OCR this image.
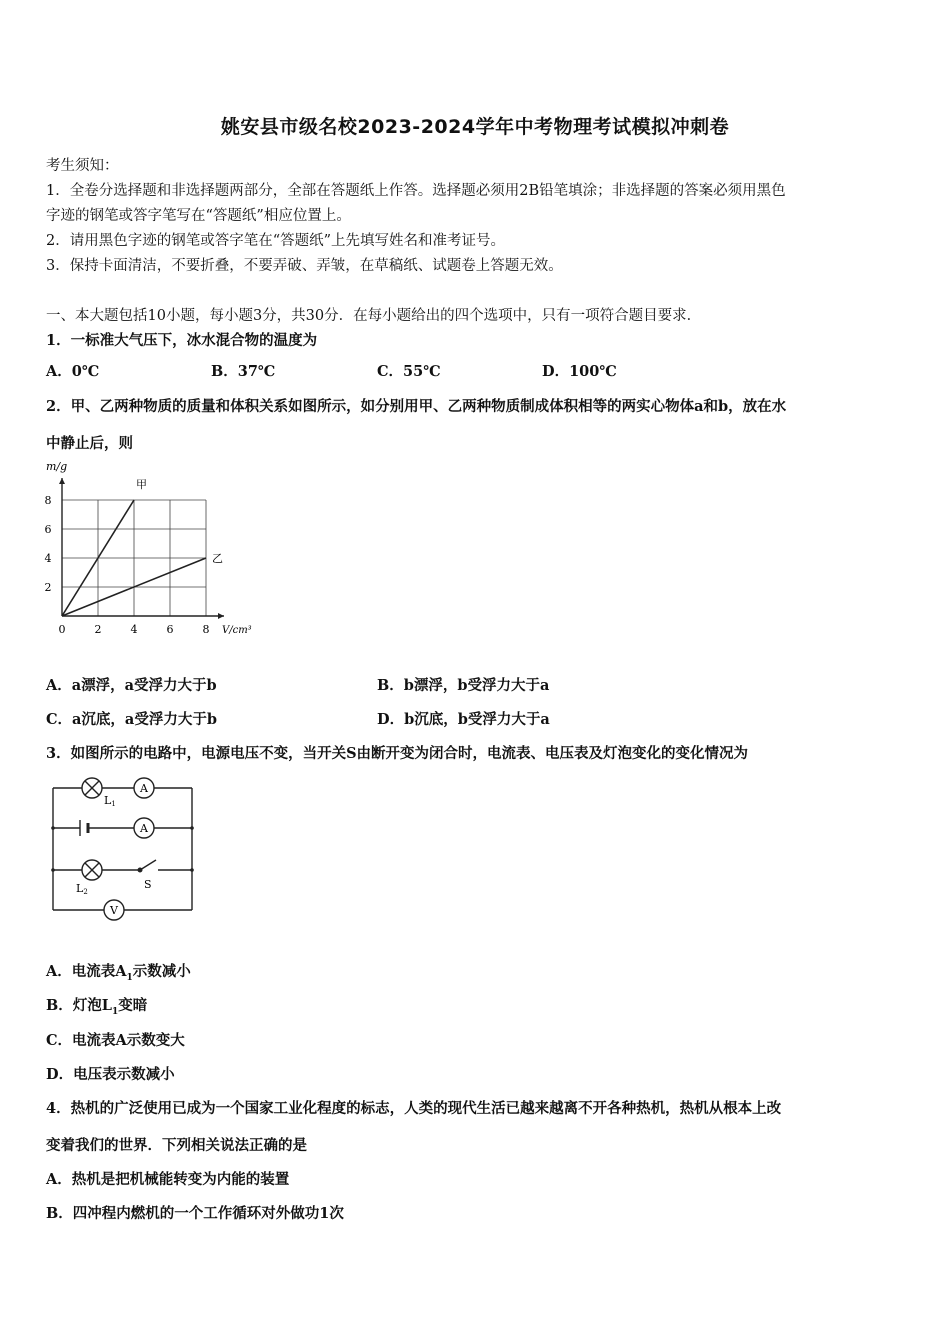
姚安县市级名校2023-2024学年中考物理考试模拟冲刺卷
考生须知：
1．全卷分选择题和非选择题两部分，全部在答题纸上作答。选择题必须用2B铅笔填涂；非选择题的答案必须用黑色
字迹的钢笔或答字笔写在“答题纸”相应位置上。
2．请用黑色字迹的钢笔或答字笔在“答题纸”上先填写姓名和准考证号。
3．保持卡面清洁，不要折叠，不要弄破、弄皱，在草稿纸、试题卷上答题无效。
一、本大题包括10小题，每小题3分，共30分．在每小题给出的四个选项中，只有一项符合题目要求．
1．一标准大气压下，冰水混合物的温度为
A．0℃	B．37℃	C．55℃	D．100℃
2．甲、乙两种物质的质量和体积关系如图所示，如分别用甲、乙两种物质制成体积相等的两实心物体a和b，放在水
中静止后，则
0	2	4	6	8
2
4
6
8
m/g
V/cm³
甲
乙
A．a漂浮，a受浮力大于b	B．b漂浮，b受浮力大于a
C．a沉底，a受浮力大于b	D．b沉底，b受浮力大于a
3．如图所示的电路中，电源电压不变，当开关S由断开变为闭合时，电流表、电压表及灯泡变化的变化情况为
L1
A
A
L2
S
V
A．电流表$A_1$示数减小
B．灯泡$L_1$变暗
C．电流表A示数变大
D．电压表示数减小
4．热机的广泛使用已成为一个国家工业化程度的标志，人类的现代生活已越来越离不开各种热机，热机从根本上改
变着我们的世界．下列相关说法正确的是
A．热机是把机械能转变为内能的装置
B．四冲程内燃机的一个工作循环对外做功1次
